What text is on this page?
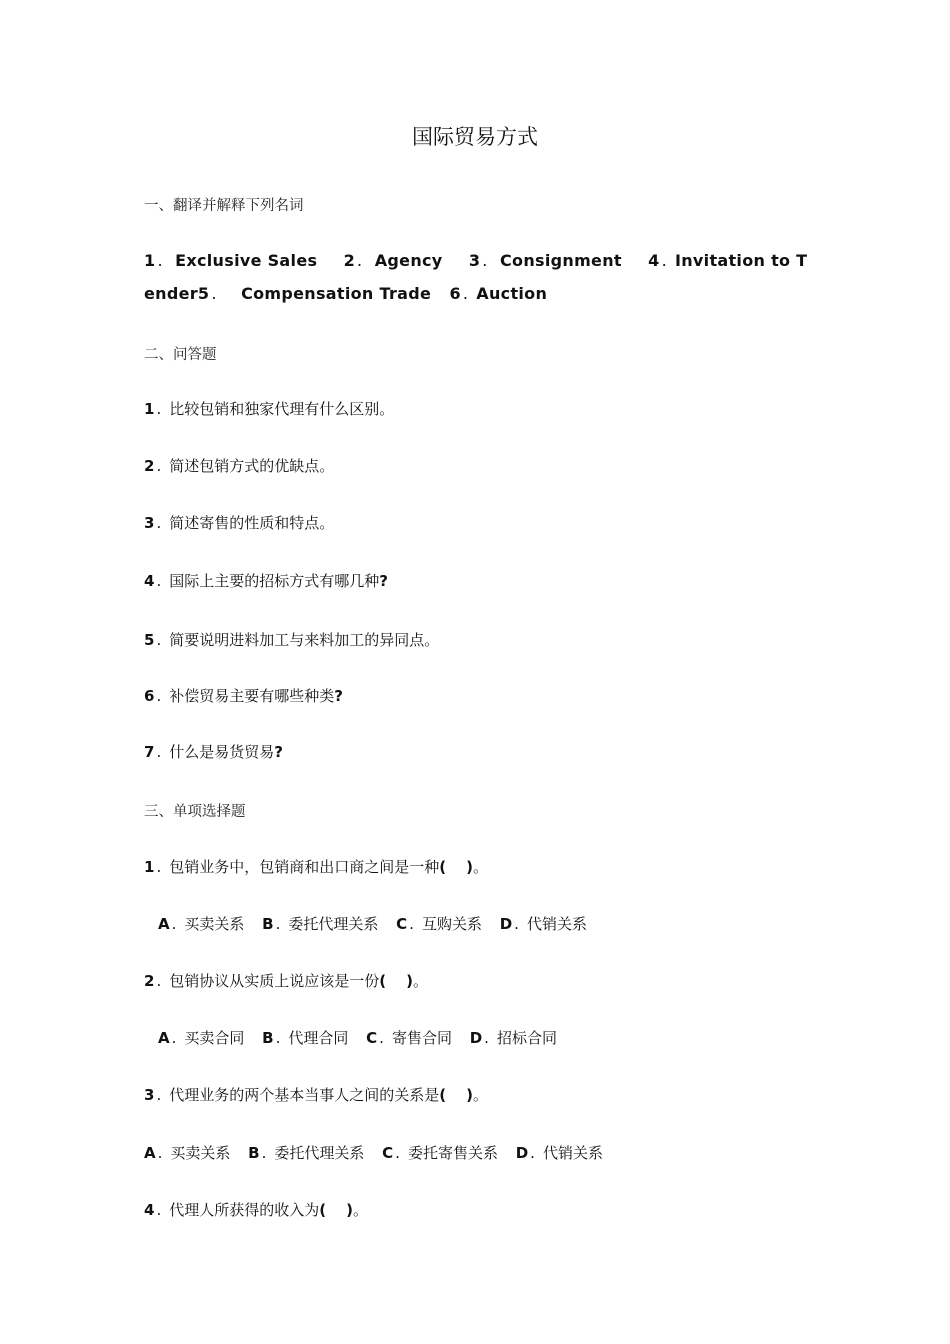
国际贸易方式
一、翻译并解释下列名词
1 . Exclusive Sales 2 . Agency 3 . Consignment 4 . Invitation to T
ender5 . Compensation Trade 6 . Auction
二、问答题
1 . 比较包销和独家代理有什么区别。
2 . 简述包销方式的优缺点。
3 . 简述寄售的性质和特点。
4 . 国际上主要的招标方式有哪几种?
5 . 简要说明进料加工与来料加工的异同点。
6 . 补偿贸易主要有哪些种类?
7 . 什么是易货贸易?
三、单项选择题
1 . 包销业务中，包销商和出口商之间是一种( )。
A . 买卖关系 B . 委托代理关系 C . 互购关系 D . 代销关系
2 . 包销协议从实质上说应该是一份( )。
A . 买卖合同 B . 代理合同 C . 寄售合同 D . 招标合同
3 . 代理业务的两个基本当事人之间的关系是( )。
A . 买卖关系 B . 委托代理关系 C . 委托寄售关系 D . 代销关系
4 . 代理人所获得的收入为( )。
